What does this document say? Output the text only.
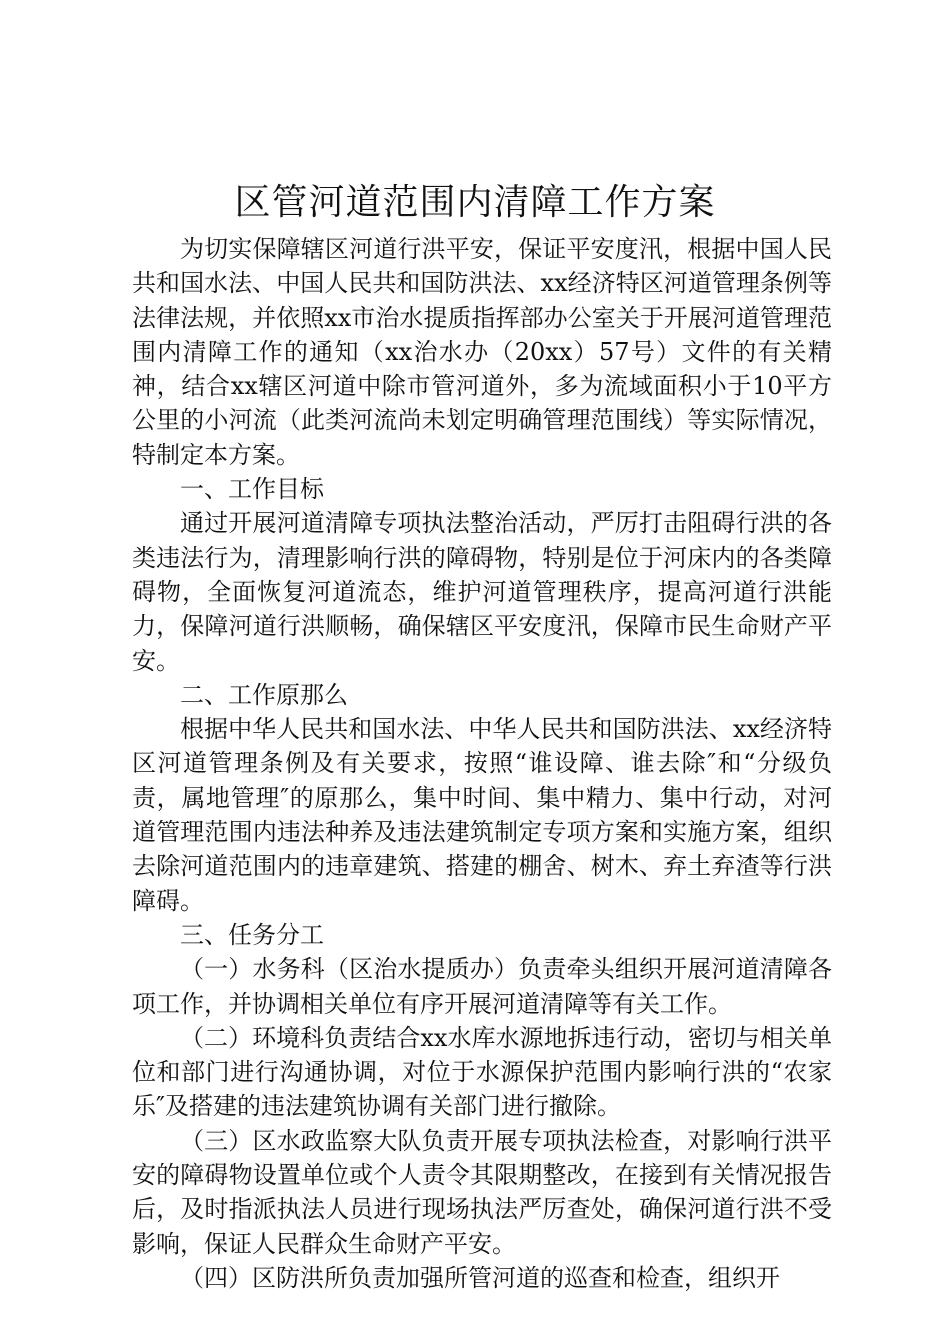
区管河道范围内清障工作方案

为切实保障辖区河道行洪平安，保证平安度汛，根据中国人民共和国水法、中国人民共和国防洪法、xx经济特区河道管理条例等法律法规，并依照xx市治水提质指挥部办公室关于开展河道管理范围内清障工作的通知（xx治水办（20xx）57号）文件的有关精神，结合xx辖区河道中除市管河道外，多为流域面积小于10平方公里的小河流（此类河流尚未划定明确管理范围线）等实际情况，特制定本方案。

一、工作目标

通过开展河道清障专项执法整治活动，严厉打击阻碍行洪的各类违法行为，清理影响行洪的障碍物，特别是位于河床内的各类障碍物，全面恢复河道流态，维护河道管理秩序，提高河道行洪能力，保障河道行洪顺畅，确保辖区平安度汛，保障市民生命财产平安。

二、工作原那么

根据中华人民共和国水法、中华人民共和国防洪法、xx经济特区河道管理条例及有关要求，按照“谁设障、谁去除″和“分级负责，属地管理″的原那么，集中时间、集中精力、集中行动，对河道管理范围内违法种养及违法建筑制定专项方案和实施方案，组织去除河道范围内的违章建筑、搭建的棚舍、树木、弃土弃渣等行洪障碍。

三、任务分工

（一）水务科（区治水提质办）负责牵头组织开展河道清障各项工作，并协调相关单位有序开展河道清障等有关工作。

（二）环境科负责结合xx水库水源地拆违行动，密切与相关单位和部门进行沟通协调，对位于水源保护范围内影响行洪的“农家乐″及搭建的违法建筑协调有关部门进行撤除。

（三）区水政监察大队负责开展专项执法检查，对影响行洪平安的障碍物设置单位或个人责令其限期整改，在接到有关情况报告后，及时指派执法人员进行现场执法严厉查处，确保河道行洪不受影响，保证人民群众生命财产平安。

（四）区防洪所负责加强所管河道的巡查和检查，组织开
